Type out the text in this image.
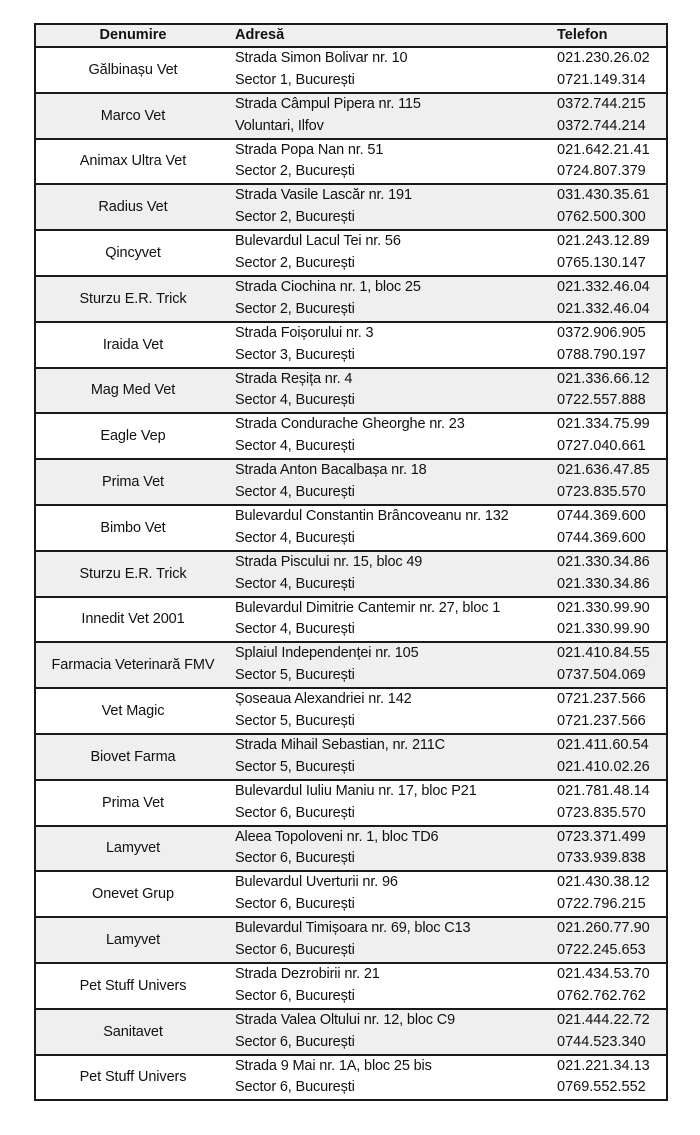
Denumire	Adresă	Telefon
Gălbinașu Vet
Strada Simon Bolivar nr. 10
Sector 1, București
021.230.26.02
0721.149.314
Marco Vet
Strada Câmpul Pipera nr. 115
Voluntari, Ilfov
0372.744.215
0372.744.214
Animax Ultra Vet
Strada Popa Nan nr. 51
Sector 2, București
021.642.21.41
0724.807.379
Radius Vet
Strada Vasile Lascăr nr. 191
Sector 2, București
031.430.35.61
0762.500.300
Qincyvet
Bulevardul Lacul Tei nr. 56
Sector 2, București
021.243.12.89
0765.130.147
Sturzu E.R. Trick
Strada Ciochina nr. 1, bloc 25
Sector 2, București
021.332.46.04
021.332.46.04
Iraida Vet
Strada Foișorului nr. 3
Sector 3, București
0372.906.905
0788.790.197
Mag Med Vet
Strada Reșița nr. 4
Sector 4, București
021.336.66.12
0722.557.888
Eagle Vep
Strada Condurache Gheorghe nr. 23
Sector 4, București
021.334.75.99
0727.040.661
Prima Vet
Strada Anton Bacalbașa nr. 18
Sector 4, București
021.636.47.85
0723.835.570
Bimbo Vet
Bulevardul Constantin Brâncoveanu nr. 132
Sector 4, București
0744.369.600
0744.369.600
Sturzu E.R. Trick
Strada Piscului nr. 15, bloc 49
Sector 4, București
021.330.34.86
021.330.34.86
Innedit Vet 2001
Bulevardul Dimitrie Cantemir nr. 27, bloc 1
Sector 4, București
021.330.99.90
021.330.99.90
Farmacia Veterinară FMV
Splaiul Independenței nr. 105
Sector 5, București
021.410.84.55
0737.504.069
Vet Magic
Șoseaua Alexandriei nr. 142
Sector 5, București
0721.237.566
0721.237.566
Biovet Farma
Strada Mihail Sebastian, nr. 211C
Sector 5, București
021.411.60.54
021.410.02.26
Prima Vet
Bulevardul Iuliu Maniu nr. 17, bloc P21
Sector 6, București
021.781.48.14
0723.835.570
Lamyvet
Aleea Topoloveni nr. 1, bloc TD6
Sector 6, București
0723.371.499
0733.939.838
Onevet Grup
Bulevardul Uverturii nr. 96
Sector 6, București
021.430.38.12
0722.796.215
Lamyvet
Bulevardul Timișoara nr. 69, bloc C13
Sector 6, București
021.260.77.90
0722.245.653
Pet Stuff Univers
Strada Dezrobirii nr. 21
Sector 6, București
021.434.53.70
0762.762.762
Sanitavet
Strada Valea Oltului nr. 12, bloc C9
Sector 6, București
021.444.22.72
0744.523.340
Pet Stuff Univers
Strada 9 Mai nr. 1A, bloc 25 bis
Sector 6, București
021.221.34.13
0769.552.552
